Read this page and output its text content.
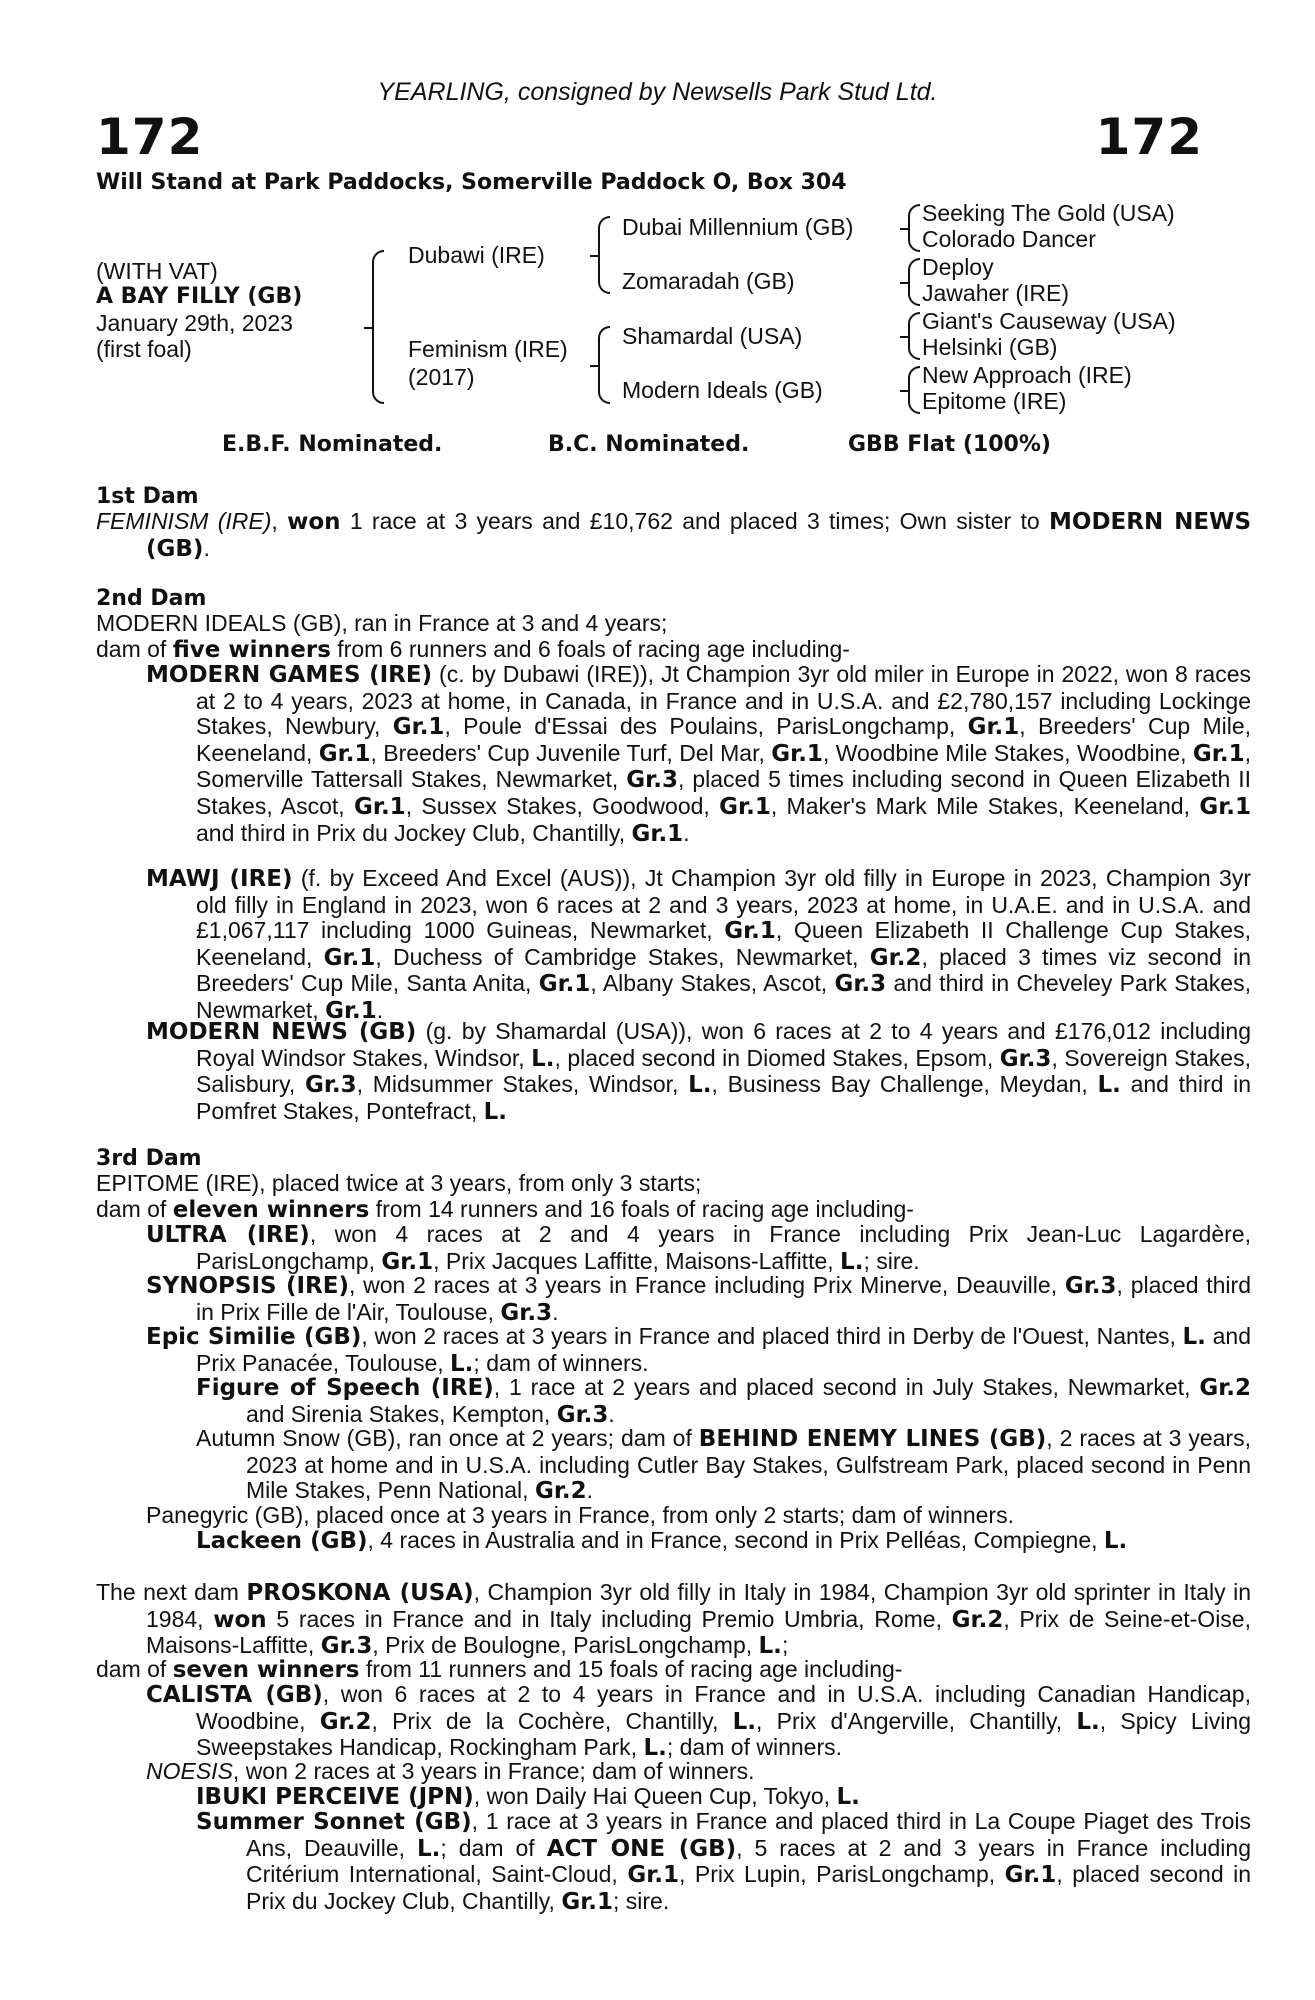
YEARLING, consigned by Newsells Park Stud Ltd.
172	172
Will Stand at Park Paddocks, Somerville Paddock O, Box 304
(WITH VAT)
A BAY FILLY (GB)
January 29th, 2023
(first foal)
Dubawi (IRE)
Feminism (IRE)
(2017)
Dubai Millennium (GB)
Zomaradah (GB)
Shamardal (USA)
Modern Ideals (GB)
Seeking The Gold (USA)
Colorado Dancer
Deploy
Jawaher (IRE)
Giant's Causeway (USA)
Helsinki (GB)
New Approach (IRE)
Epitome (IRE)
E.B.F. Nominated.	B.C. Nominated.	GBB Flat (100%)
1st Dam
FEMINISM (IRE), won 1 race at 3 years and £10,762 and placed 3 times; Own sister to MODERN NEWS (GB).
2nd Dam
MODERN IDEALS (GB), ran in France at 3 and 4 years;
dam of five winners from 6 runners and 6 foals of racing age including-
MODERN GAMES (IRE) (c. by Dubawi (IRE)), Jt Champion 3yr old miler in Europe in 2022, won 8 races at 2 to 4 years, 2023 at home, in Canada, in France and in U.S.A. and £2,780,157 including Lockinge Stakes, Newbury, Gr.1, Poule d'Essai des Poulains, ParisLongchamp, Gr.1, Breeders' Cup Mile, Keeneland, Gr.1, Breeders' Cup Juvenile Turf, Del Mar, Gr.1, Woodbine Mile Stakes, Woodbine, Gr.1, Somerville Tattersall Stakes, Newmarket, Gr.3, placed 5 times including second in Queen Elizabeth II Stakes, Ascot, Gr.1, Sussex Stakes, Goodwood, Gr.1, Maker's Mark Mile Stakes, Keeneland, Gr.1 and third in Prix du Jockey Club, Chantilly, Gr.1.
MAWJ (IRE) (f. by Exceed And Excel (AUS)), Jt Champion 3yr old filly in Europe in 2023, Champion 3yr old filly in England in 2023, won 6 races at 2 and 3 years, 2023 at home, in U.A.E. and in U.S.A. and £1,067,117 including 1000 Guineas, Newmarket, Gr.1, Queen Elizabeth II Challenge Cup Stakes, Keeneland, Gr.1, Duchess of Cambridge Stakes, Newmarket, Gr.2, placed 3 times viz second in Breeders' Cup Mile, Santa Anita, Gr.1, Albany Stakes, Ascot, Gr.3 and third in Cheveley Park Stakes, Newmarket, Gr.1.
MODERN NEWS (GB) (g. by Shamardal (USA)), won 6 races at 2 to 4 years and £176,012 including Royal Windsor Stakes, Windsor, L., placed second in Diomed Stakes, Epsom, Gr.3, Sovereign Stakes, Salisbury, Gr.3, Midsummer Stakes, Windsor, L., Business Bay Challenge, Meydan, L. and third in Pomfret Stakes, Pontefract, L.
3rd Dam
EPITOME (IRE), placed twice at 3 years, from only 3 starts;
dam of eleven winners from 14 runners and 16 foals of racing age including-
ULTRA (IRE), won 4 races at 2 and 4 years in France including Prix Jean-Luc Lagardère, ParisLongchamp, Gr.1, Prix Jacques Laffitte, Maisons-Laffitte, L.; sire.
SYNOPSIS (IRE), won 2 races at 3 years in France including Prix Minerve, Deauville, Gr.3, placed third in Prix Fille de l'Air, Toulouse, Gr.3.
Epic Similie (GB), won 2 races at 3 years in France and placed third in Derby de l'Ouest, Nantes, L. and Prix Panacée, Toulouse, L.; dam of winners.
Figure of Speech (IRE), 1 race at 2 years and placed second in July Stakes, Newmarket, Gr.2 and Sirenia Stakes, Kempton, Gr.3.
Autumn Snow (GB), ran once at 2 years; dam of BEHIND ENEMY LINES (GB), 2 races at 3 years, 2023 at home and in U.S.A. including Cutler Bay Stakes, Gulfstream Park, placed second in Penn Mile Stakes, Penn National, Gr.2.
Panegyric (GB), placed once at 3 years in France, from only 2 starts; dam of winners.
Lackeen (GB), 4 races in Australia and in France, second in Prix Pelléas, Compiegne, L.
The next dam PROSKONA (USA), Champion 3yr old filly in Italy in 1984, Champion 3yr old sprinter in Italy in 1984, won 5 races in France and in Italy including Premio Umbria, Rome, Gr.2, Prix de Seine-et-Oise, Maisons-Laffitte, Gr.3, Prix de Boulogne, ParisLongchamp, L.;
dam of seven winners from 11 runners and 15 foals of racing age including-
CALISTA (GB), won 6 races at 2 to 4 years in France and in U.S.A. including Canadian Handicap, Woodbine, Gr.2, Prix de la Cochère, Chantilly, L., Prix d'Angerville, Chantilly, L., Spicy Living Sweepstakes Handicap, Rockingham Park, L.; dam of winners.
NOESIS, won 2 races at 3 years in France; dam of winners.
IBUKI PERCEIVE (JPN), won Daily Hai Queen Cup, Tokyo, L.
Summer Sonnet (GB), 1 race at 3 years in France and placed third in La Coupe Piaget des Trois Ans, Deauville, L.; dam of ACT ONE (GB), 5 races at 2 and 3 years in France including Critérium International, Saint-Cloud, Gr.1, Prix Lupin, ParisLongchamp, Gr.1, placed second in Prix du Jockey Club, Chantilly, Gr.1; sire.
